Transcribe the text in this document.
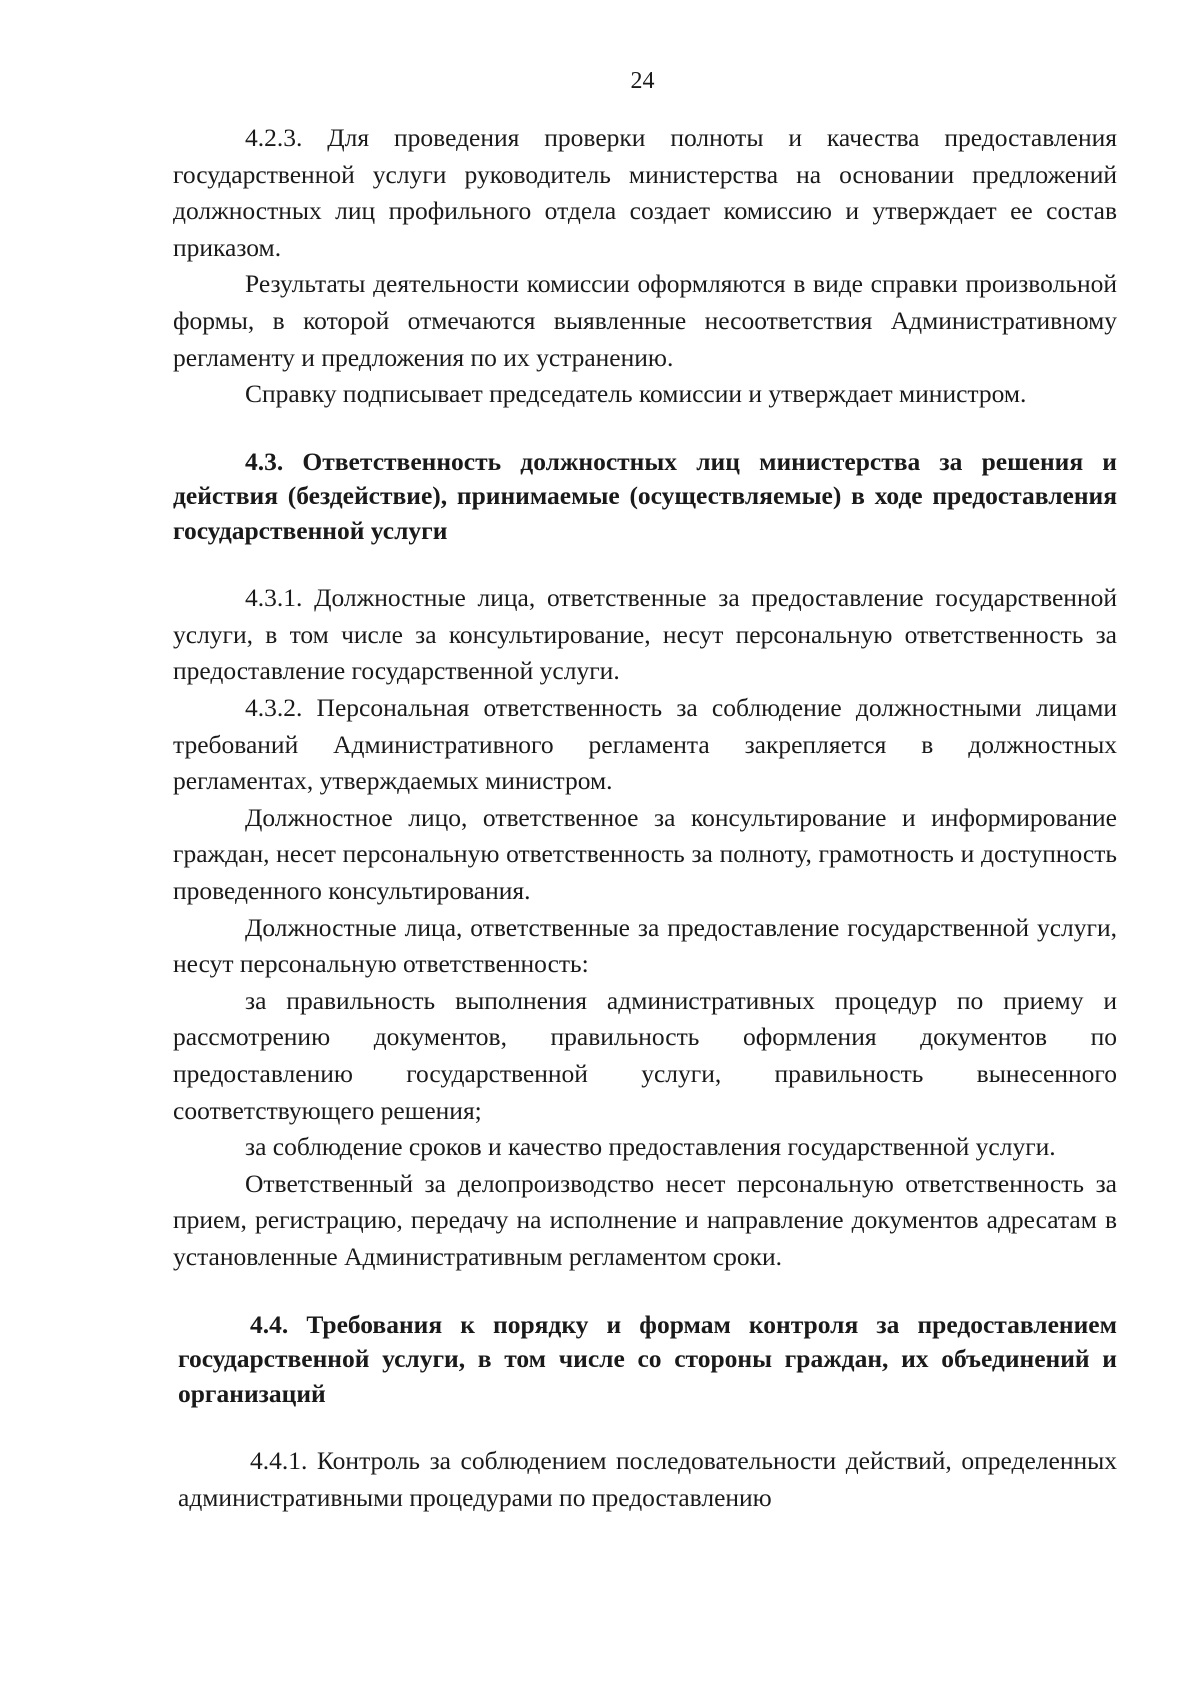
24

4.2.3. Для проведения проверки полноты и качества предоставления государственной услуги руководитель министерства на основании предложений должностных лиц профильного отдела создает комиссию и утверждает ее состав приказом.

Результаты деятельности комиссии оформляются в виде справки произвольной формы, в которой отмечаются выявленные несоответствия Административному регламенту и предложения по их устранению.

Справку подписывает председатель комиссии и утверждает министром.

4.3. Ответственность должностных лиц министерства за решения и действия (бездействие), принимаемые (осуществляемые) в ходе предоставления государственной услуги

4.3.1. Должностные лица, ответственные за предоставление государственной услуги, в том числе за консультирование, несут персональную ответственность за предоставление государственной услуги.

4.3.2. Персональная ответственность за соблюдение должностными лицами требований Административного регламента закрепляется в должностных регламентах, утверждаемых министром.

Должностное лицо, ответственное за консультирование и информирование граждан, несет персональную ответственность за полноту, грамотность и доступность проведенного консультирования.

Должностные лица, ответственные за предоставление государственной услуги, несут персональную ответственность:

за правильность выполнения административных процедур по приему и рассмотрению документов, правильность оформления документов по предоставлению государственной услуги, правильность вынесенного соответствующего решения;

за соблюдение сроков и качество предоставления государственной услуги.

Ответственный за делопроизводство несет персональную ответственность за прием, регистрацию, передачу на исполнение и направление документов адресатам в установленные Административным регламентом сроки.

4.4. Требования к порядку и формам контроля за предоставлением государственной услуги, в том числе со стороны граждан, их объединений и организаций

4.4.1. Контроль за соблюдением последовательности действий, определенных административными процедурами по предоставлению
